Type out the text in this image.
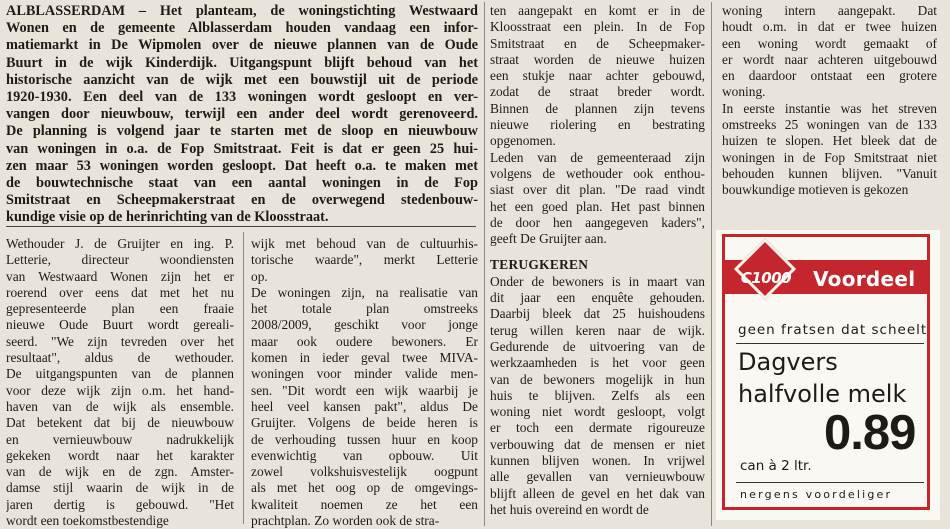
ALBLASSERDAM – Het planteam, de woningstichting Westwaard
Wonen en de gemeente Alblasserdam houden vandaag een infor-
matiemarkt in De Wipmolen over de nieuwe plannen van de Oude
Buurt in de wijk Kinderdijk. Uitgangspunt blijft behoud van het
historische aanzicht van de wijk met een bouwstijl uit de periode
1920-1930. Een deel van de 133 woningen wordt gesloopt en ver-
vangen door nieuwbouw, terwijl een ander deel wordt gerenoveerd.
De planning is volgend jaar te starten met de sloop en nieuwbouw
van woningen in o.a. de Fop Smitstraat. Feit is dat er geen 25 hui-
zen maar 53 woningen worden gesloopt. Dat heeft o.a. te maken met
de bouwtechnische staat van een aantal woningen in de Fop
Smitstraat en Scheepmakerstraat en de overwegend stedenbouw-
kundige visie op de herinrichting van de Kloosstraat.
Wethouder J. de Gruijter en ing. P.
Letterie, directeur woondiensten
van Westwaard Wonen zijn het er
roerend over eens dat met het nu
gepresenteerde plan een fraaie
nieuwe Oude Buurt wordt gereali-
seerd. "We zijn tevreden over het
resultaat", aldus de wethouder.
De uitgangspunten van de plannen
voor deze wijk zijn o.m. het hand-
haven van de wijk als ensemble.
Dat betekent dat bij de nieuwbouw
en vernieuwbouw nadrukkelijk
gekeken wordt naar het karakter
van de wijk en de zgn. Amster-
damse stijl waarin de wijk in de
jaren dertig is gebouwd. "Het
wordt een toekomstbestendige
wijk met behoud van de cultuurhis-
torische waarde", merkt Letterie
op.
De woningen zijn, na realisatie van
het totale plan omstreeks
2008/2009, geschikt voor jonge
maar ook oudere bewoners. Er
komen in ieder geval twee MIVA-
woningen voor minder valide men-
sen. "Dit wordt een wijk waarbij je
heel veel kansen pakt", aldus De
Gruijter. Volgens de beide heren is
de verhouding tussen huur en koop
evenwichtig van opbouw. Uit
zowel volkshuisvestelijk oogpunt
als met het oog op de omgevings-
kwaliteit noemen ze het een
prachtplan. Zo worden ook de stra-
ten aangepakt en komt er in de
Kloosstraat een plein. In de Fop
Smitstraat en de Scheepmaker-
straat worden de nieuwe huizen
een stukje naar achter gebouwd,
zodat de straat breder wordt.
Binnen de plannen zijn tevens
nieuwe riolering en bestrating
opgenomen.
Leden van de gemeenteraad zijn
volgens de wethouder ook enthou-
siast over dit plan. "De raad vindt
het een goed plan. Het past binnen
de door hen aangegeven kaders",
geeft De Gruijter aan.
TERUGKEREN
Onder de bewoners is in maart van
dit jaar een enquête gehouden.
Daarbij bleek dat 25 huishoudens
terug willen keren naar de wijk.
Gedurende de uitvoering van de
werkzaamheden is het voor geen
van de bewoners mogelijk in hun
huis te blijven. Zelfs als een
woning niet wordt gesloopt, volgt
er toch een dermate rigoureuze
verbouwing dat de mensen er niet
kunnen blijven wonen. In vrijwel
alle gevallen van vernieuwbouw
blijft alleen de gevel en het dak van
het huis overeind en wordt de
woning intern aangepakt. Dat
houdt o.m. in dat er twee huizen
een woning wordt gemaakt of
er wordt naar achteren uitgebouwd
en daardoor ontstaat een grotere
woning.
In eerste instantie was het streven
omstreeks 25 woningen van de 133
huizen te slopen. Het bleek dat de
woningen in de Fop Smitstraat niet
behouden kunnen blijven. "Vanuit
bouwkundige motieven is gekozen
C1000	Voordeel
geen fratsen dat scheelt
Dagvers
halfvolle melk
0.89
can à 2 ltr.
nergens voordeliger
